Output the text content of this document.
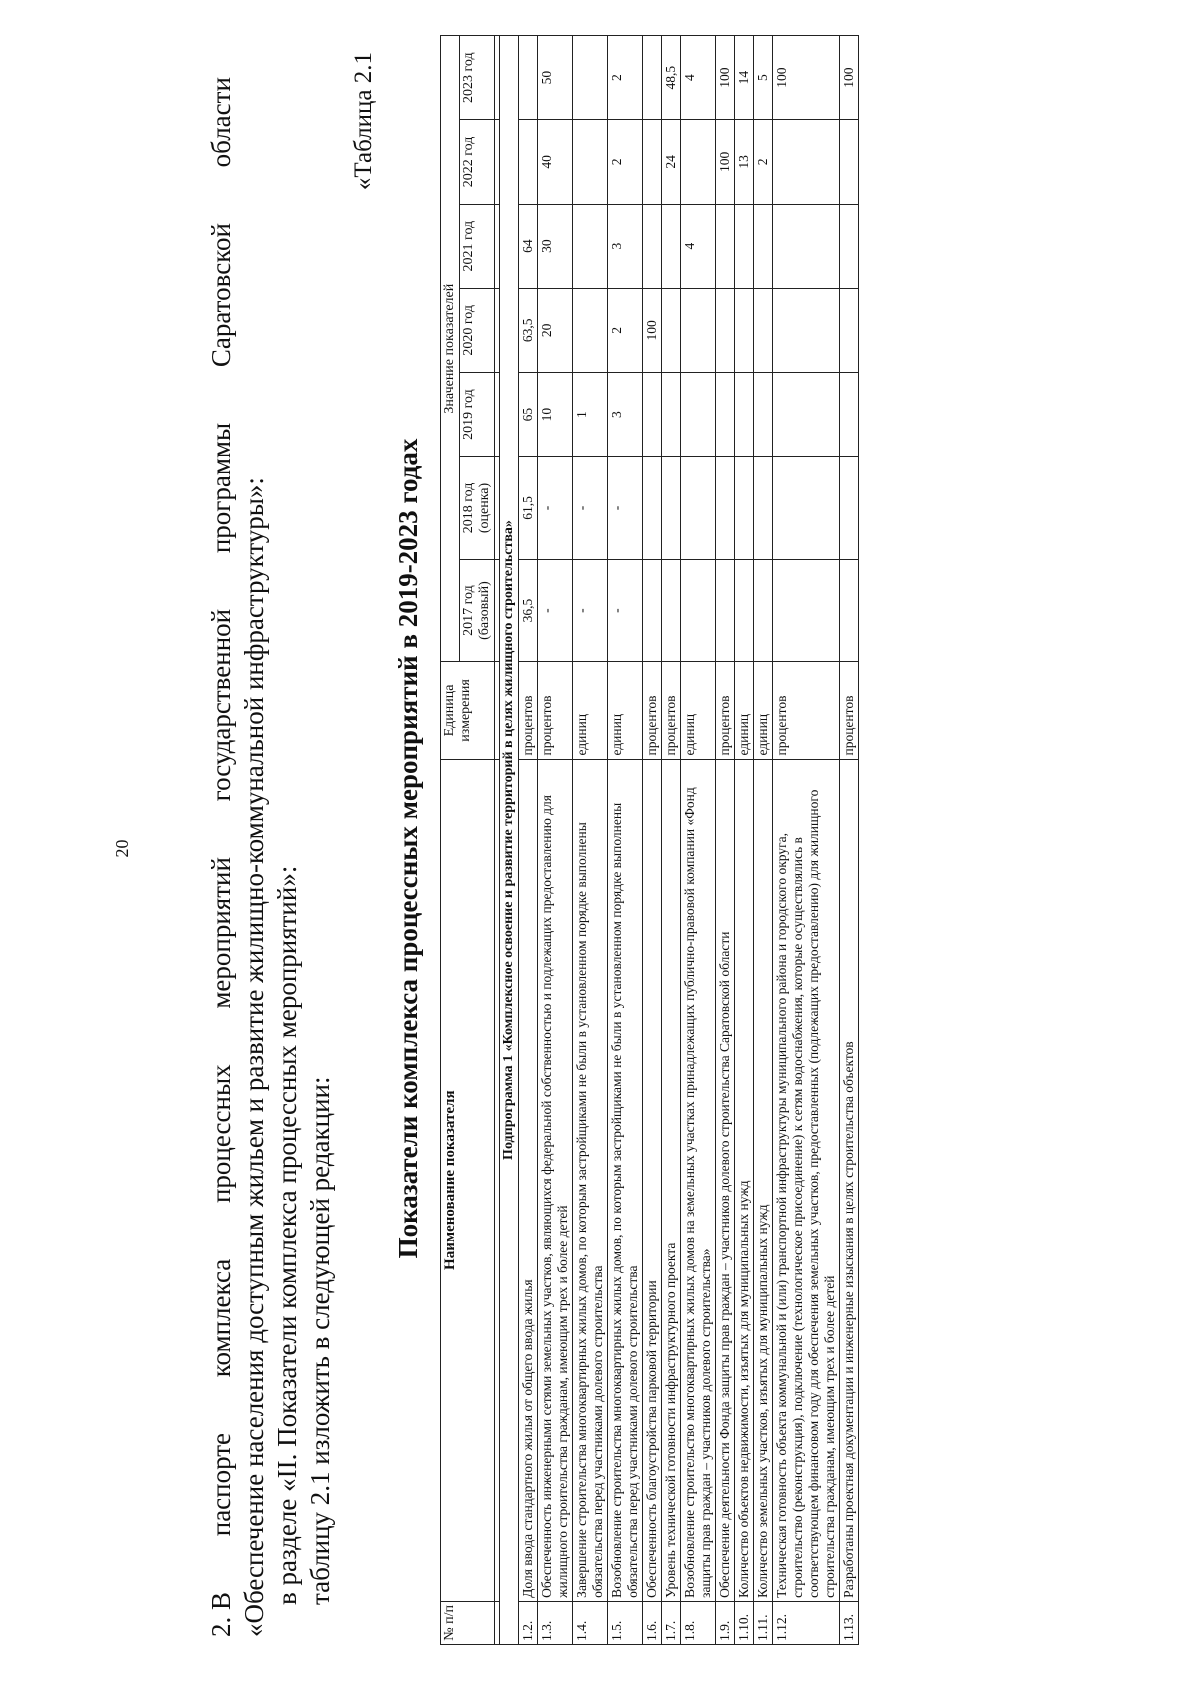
20
2. В
паспорте
комплекса
процессных
мероприятий
государственной
программы
Саратовской
области
«Обеспечение населения доступным жильем и развитие жилищно-коммунальной инфраструктуры»: в разделе «II. Показатели комплекса процессных мероприятий»: таблицу 2.1 изложить в следующей редакции:
«Таблица 2.1
Показатели комплекса процессных мероприятий в 2019-2023 годах
№ п/п	Наименование показателя	Единица измерения	Значение показателей						
			2017 год (базовый)	2018 год (оценка)	2019 год	2020 год	2021 год	2022 год	2023 год

Подпрограмма 1 «Комплексное освоение и развитие территорий в целях жилищного строительства»									
1.2.	Доля ввода стандартного жилья от общего ввода жилья	процентов	36,5	61,5	65	63,5	64		
1.3.	Обеспеченность инженерными сетями земельных участков, являющихся федеральной собственностью и подлежащих предоставлению для жилищного строительства гражданам, имеющим трех и более детей	процентов	-	-	10	20	30	40	50
1.4.	Завершение строительства многоквартирных жилых домов, по которым застройщиками не были в установленном порядке выполнены обязательства перед участниками долевого строительства	единиц	-	-	1				
1.5.	Возобновление строительства многоквартирных жилых домов, по которым застройщиками не были в установленном порядке выполнены обязательства перед участниками долевого строительства	единиц	-	-	3	2	3	2	2
1.6.	Обеспеченность благоустройства парковой территории	процентов				100			
1.7.	Уровень технической готовности инфраструктурного проекта	процентов						24	48,5
1.8.	Возобновление строительство многоквартирных жилых домов на земельных участках принадлежащих публично-правовой компании «Фонд защиты прав граждан – участников долевого строительства»	единиц					4		4
1.9.	Обеспечение деятельности Фонда защиты прав граждан – участников долевого строительства Саратовской области	процентов						100	100
1.10.	Количество объектов недвижимости, изъятых для муниципальных нужд	единиц						13	14
1.11.	Количество земельных участков, изъятых для муниципальных нужд	единиц						2	5
1.12.	Техническая готовность объекта коммунальной и (или) транспортной инфраструктуры муниципального района и городского округа, строительство (реконструкция), подключение (технологическое присоединение) к сетям водоснабжения, которые осуществлялись в соответствующем финансовом году для обеспечения земельных участков, предоставленных (подлежащих предоставлению) для жилищного строительства гражданам, имеющим трех и более детей	процентов							100
1.13.	Разработаны проектная документации и инженерные изыскания в целях строительства объектов	процентов							100
